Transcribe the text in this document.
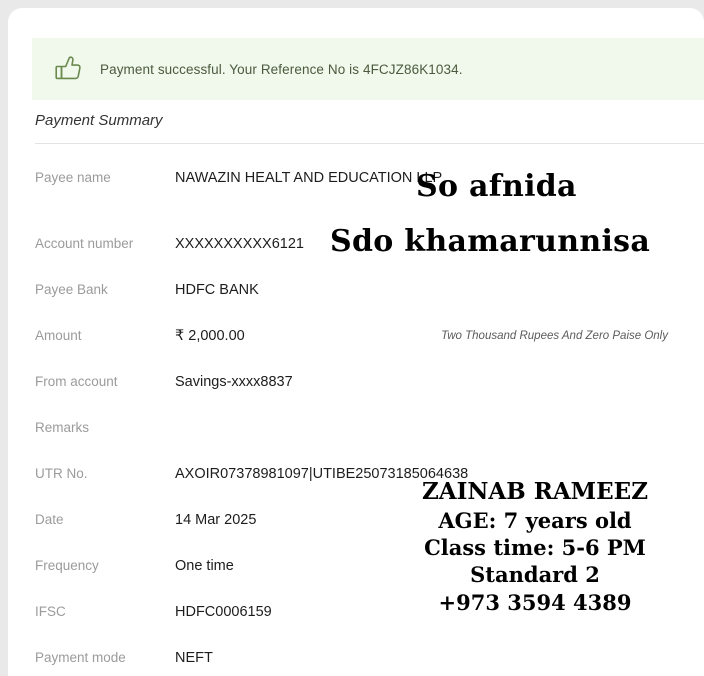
Payment successful. Your Reference No is 4FCJZ86K1034.
Payment Summary
Payee name	NAWAZIN HEALT AND EDUCATION LLP
Account number	XXXXXXXXXX6121
Payee Bank	HDFC BANK
Amount	₹ 2,000.00	Two Thousand Rupees And Zero Paise Only
From account	Savings-xxxx8837
Remarks
UTR No.	AXOIR07378981097|UTIBE25073185064638
Date	14 Mar 2025
Frequency	One time
IFSC	HDFC0006159
Payment mode	NEFT
So afnida
Sdo khamarunnisa
ZAINAB RAMEEZ
AGE: 7 years old
Class time: 5-6 PM
Standard 2
+973 3594 4389
